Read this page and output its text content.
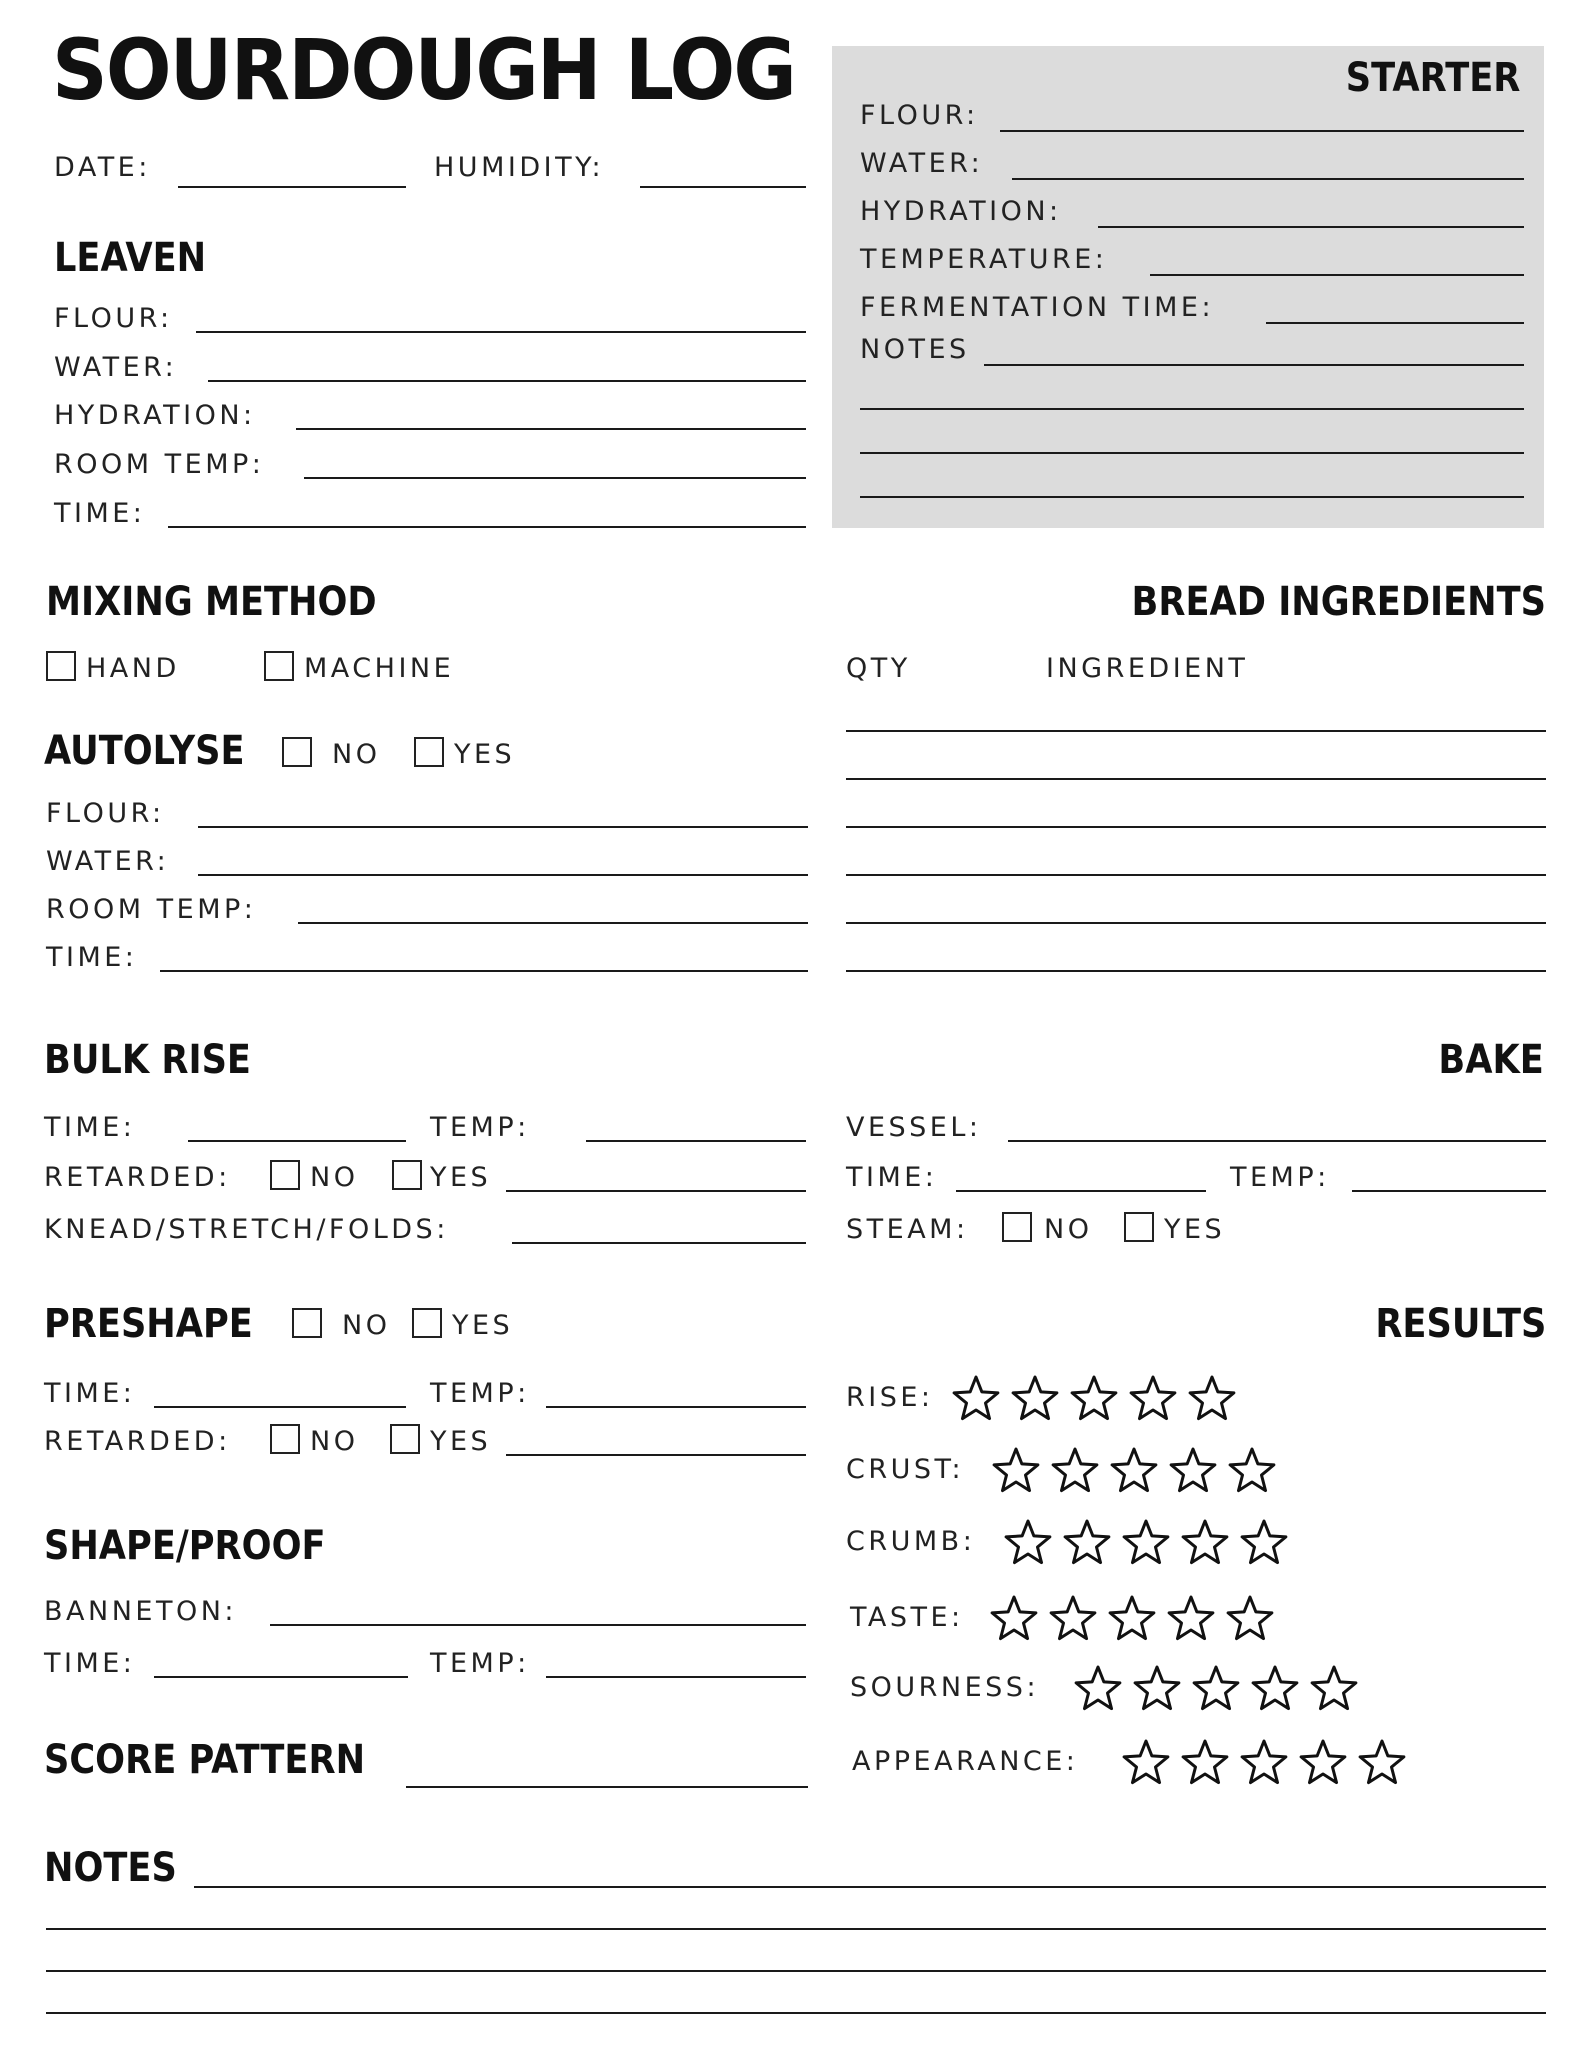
SOURDOUGH LOG
DATE:	HUMIDITY:
LEAVEN
FLOUR:
WATER:
HYDRATION:
ROOM TEMP:
TIME:
STARTER
FLOUR:
WATER:
HYDRATION:
TEMPERATURE:
FERMENTATION TIME:
NOTES
MIXING METHOD
HAND	MACHINE
BREAD INGREDIENTS
QTY	INGREDIENT
AUTOLYSE	NO	YES
FLOUR:
WATER:
ROOM TEMP:
TIME:
BULK RISE
TIME:	TEMP:
RETARDED:	NO	YES
KNEAD/STRETCH/FOLDS:
BAKE
VESSEL:
TIME:	TEMP:
STEAM:	NO	YES
PRESHAPE	NO YES
TIME:	TEMP:
RETARDED:	NO	YES
RESULTS
RISE:
CRUST:
CRUMB:
TASTE:
SOURNESS:
APPEARANCE:
SHAPE/PROOF
BANNETON:
TIME:	TEMP:
SCORE PATTERN
NOTES
